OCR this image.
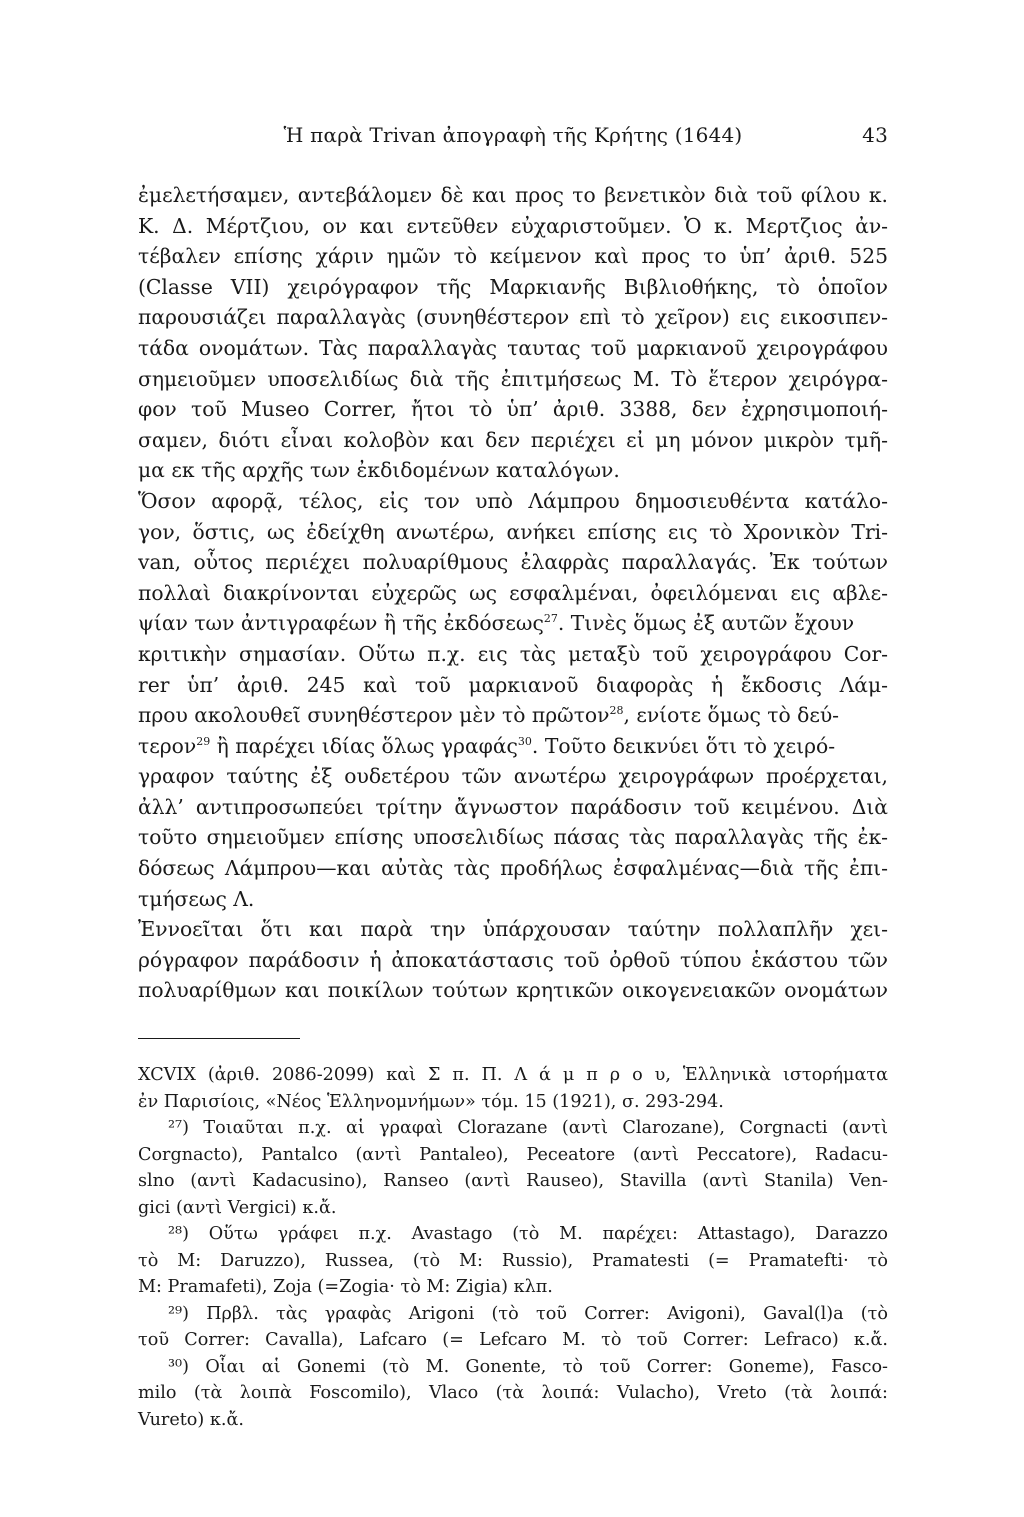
Ἡ παρὰ Trivan ἀπογραφὴ τῆς Κρήτης (1644)	43
ἐμελετήσαμεν, αντεβάλομεν δὲ και προς το βενετικὸν διὰ τοῦ φίλου κ.
Κ. Δ. Μέρτζιου, ον και εντεῦθεν εὐχαριστοῦμεν. Ὁ κ. Μερτζιος ἀν-
τέβαλεν επίσης χάριν ημῶν τὸ κείμενον καὶ προς το ὑπ’ ἀριθ. 525
(Classe VII) χειρόγραφον τῆς Μαρκιανῆς Βιβλιοθήκης, τὸ ὁποῖον
παρουσιάζει παραλλαγὰς (συνηθέστερον επὶ τὸ χεῖρον) εις εικοσιπεν-
τάδα ονομάτων. Τὰς παραλλαγὰς ταυτας τοῦ μαρκιανοῦ χειρογράφου
σημειοῦμεν υποσελιδίως διὰ τῆς ἐπιτμήσεως Μ. Τὸ ἕτερον χειρόγρα-
φον τοῦ Museo Correr, ἤτοι τὸ ὑπ’ ἀριθ. 3388, δεν ἐχρησιμοποιή-
σαμεν, διότι εἶναι κολοβὸν και δεν περιέχει εἰ μη μόνον μικρὸν τμῆ-
μα εκ τῆς αρχῆς των ἐκδιδομένων καταλόγων.
Ὅσον αφορᾷ, τέλος, εἰς τον υπὸ Λάμπρου δημοσιευθέντα κατάλο-
γον, ὅστις, ως ἐδείχθη ανωτέρω, ανήκει επίσης εις τὸ Χρονικὸν Tri-
van, οὗτος περιέχει πολυαρίθμους ἐλαφρὰς παραλλαγάς. Ἐκ τούτων
πολλαὶ διακρίνονται εὐχερῶς ως εσφαλμέναι, ὀφειλόμεναι εις αβλε-
ψίαν των ἀντιγραφέων ἢ τῆς ἐκδόσεως$^{27}$. Τινὲς ὅμως ἐξ αυτῶν ἔχουν
κριτικὴν σημασίαν. Οὕτω π.χ. εις τὰς μεταξὺ τοῦ χειρογράφου Cor-
rer ὑπ’ ἀριθ. 245 καὶ τοῦ μαρκιανοῦ διαφορὰς ἡ ἔκδοσις Λάμ-
πρου ακολουθεῖ συνηθέστερον μὲν τὸ πρῶτον$^{28}$, ενίοτε ὅμως τὸ δεύ-
τερον$^{29}$ ἢ παρέχει ιδίας ὅλως γραφάς$^{30}$. Τοῦτο δεικνύει ὅτι τὸ χειρό-
γραφον ταύτης ἐξ ουδετέρου τῶν ανωτέρω χειρογράφων προέρχεται,
ἀλλ’ αντιπροσωπεύει τρίτην ἄγνωστον παράδοσιν τοῦ κειμένου. Διὰ
τοῦτο σημειοῦμεν επίσης υποσελιδίως πάσας τὰς παραλλαγὰς τῆς ἐκ-
δόσεως Λάμπρου—και αὐτὰς τὰς προδήλως ἐσφαλμένας—διὰ τῆς ἐπι-
τμήσεως Λ.
Ἐννοεῖται ὅτι και παρὰ την ὑπάρχουσαν ταύτην πολλαπλῆν χει-
ρόγραφον παράδοσιν ἡ ἀποκατάστασις τοῦ ὀρθοῦ τύπου ἑκάστου τῶν
πολυαρίθμων και ποικίλων τούτων κρητικῶν οικογενειακῶν ονομάτων
XCVIX (ἀριθ. 2086-2099) καὶ Σ π. Π. Λ ά μ π ρ ο υ, Ἑλληνικὰ ιστορήματα
ἐν Παρισίοις, «Νέος Ἑλληνομνήμων» τόμ. 15 (1921), σ. 293-294.
²⁷) Τοιαῦται π.χ. αἱ γραφαὶ Clorazane (αντὶ Clarozane), Corgnacti (αντὶ
Corgnacto), Pantalco (αντὶ Pantaleo), Peceatore (αντὶ Peccatore), Radacu-
slno (αντὶ Kadacusino), Ranseo (αντὶ Rauseo), Stavilla (αντὶ Stanila) Ven-
gici (αντὶ Vergici) κ.ἄ.
²⁸) Οὕτω γράφει π.χ. Avastago (τὸ Μ. παρέχει: Attastago), Darazzo
τὸ Μ: Daruzzo), Russea, (τὸ Μ: Russio), Pramatesti (= Pramatefti· τὸ
Μ: Pramafeti), Zoja (=Zogia· τὸ Μ: Zigia) κλπ.
²⁹) Πρβλ. τὰς γραφὰς Arigoni (τὸ τοῦ Correr: Avigoni), Gaval(l)a (τὸ
τοῦ Correr: Cavalla), Lafcaro (= Lefcaro Μ. τὸ τοῦ Correr: Lefraco) κ.ἄ.
³⁰) Οἷαι αἱ Gonemi (τὸ Μ. Gonente, τὸ τοῦ Correr: Goneme), Fasco-
milo (τὰ λοιπὰ Foscomilo), Vlaco (τὰ λοιπά: Vulacho), Vreto (τὰ λοιπά:
Vureto) κ.ἄ.
